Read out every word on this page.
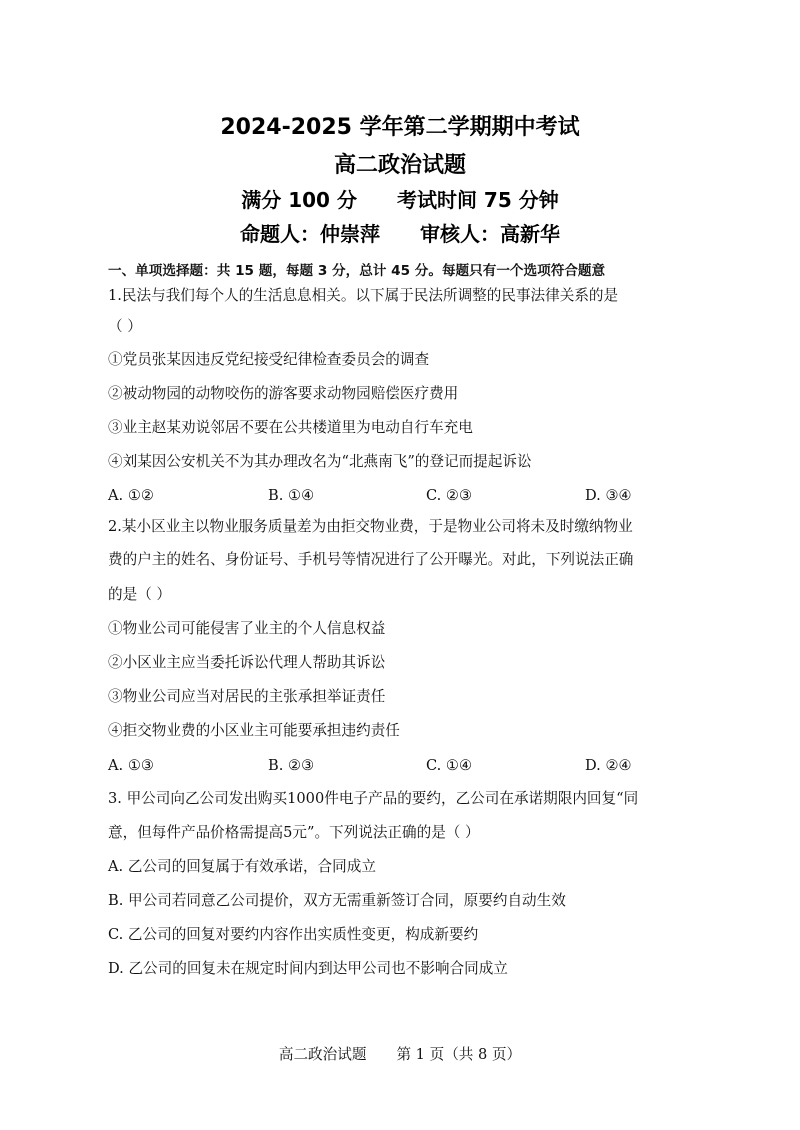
2024-2025 学年第二学期期中考试
高二政治试题
满分 100 分 考试时间 75 分钟
命题人：仲崇萍 审核人：高新华
一、单项选择题：共 15 题，每题 3 分，总计 45 分。每题只有一个选项符合题意
1.民法与我们每个人的生活息息相关。以下属于民法所调整的民事法律关系的是
（ ）
①党员张某因违反党纪接受纪律检查委员会的调查
②被动物园的动物咬伤的游客要求动物园赔偿医疗费用
③业主赵某劝说邻居不要在公共楼道里为电动自行车充电
④刘某因公安机关不为其办理改名为“北燕南飞”的登记而提起诉讼
A. ①②	B. ①④	C. ②③	D. ③④
2.某小区业主以物业服务质量差为由拒交物业费，于是物业公司将未及时缴纳物业
费的户主的姓名、身份证号、手机号等情况进行了公开曝光。对此，下列说法正确
的是（ ）
①物业公司可能侵害了业主的个人信息权益
②小区业主应当委托诉讼代理人帮助其诉讼
③物业公司应当对居民的主张承担举证责任
④拒交物业费的小区业主可能要承担违约责任
A. ①③	B. ②③	C. ①④	D. ②④
3. 甲公司向乙公司发出购买1000件电子产品的要约，乙公司在承诺期限内回复“同
意，但每件产品价格需提高5元”。下列说法正确的是（ ）
A. 乙公司的回复属于有效承诺，合同成立
B. 甲公司若同意乙公司提价，双方无需重新签订合同，原要约自动生效
C. 乙公司的回复对要约内容作出实质性变更，构成新要约
D. 乙公司的回复未在规定时间内到达甲公司也不影响合同成立
高二政治试题 第 1 页（共 8 页）
